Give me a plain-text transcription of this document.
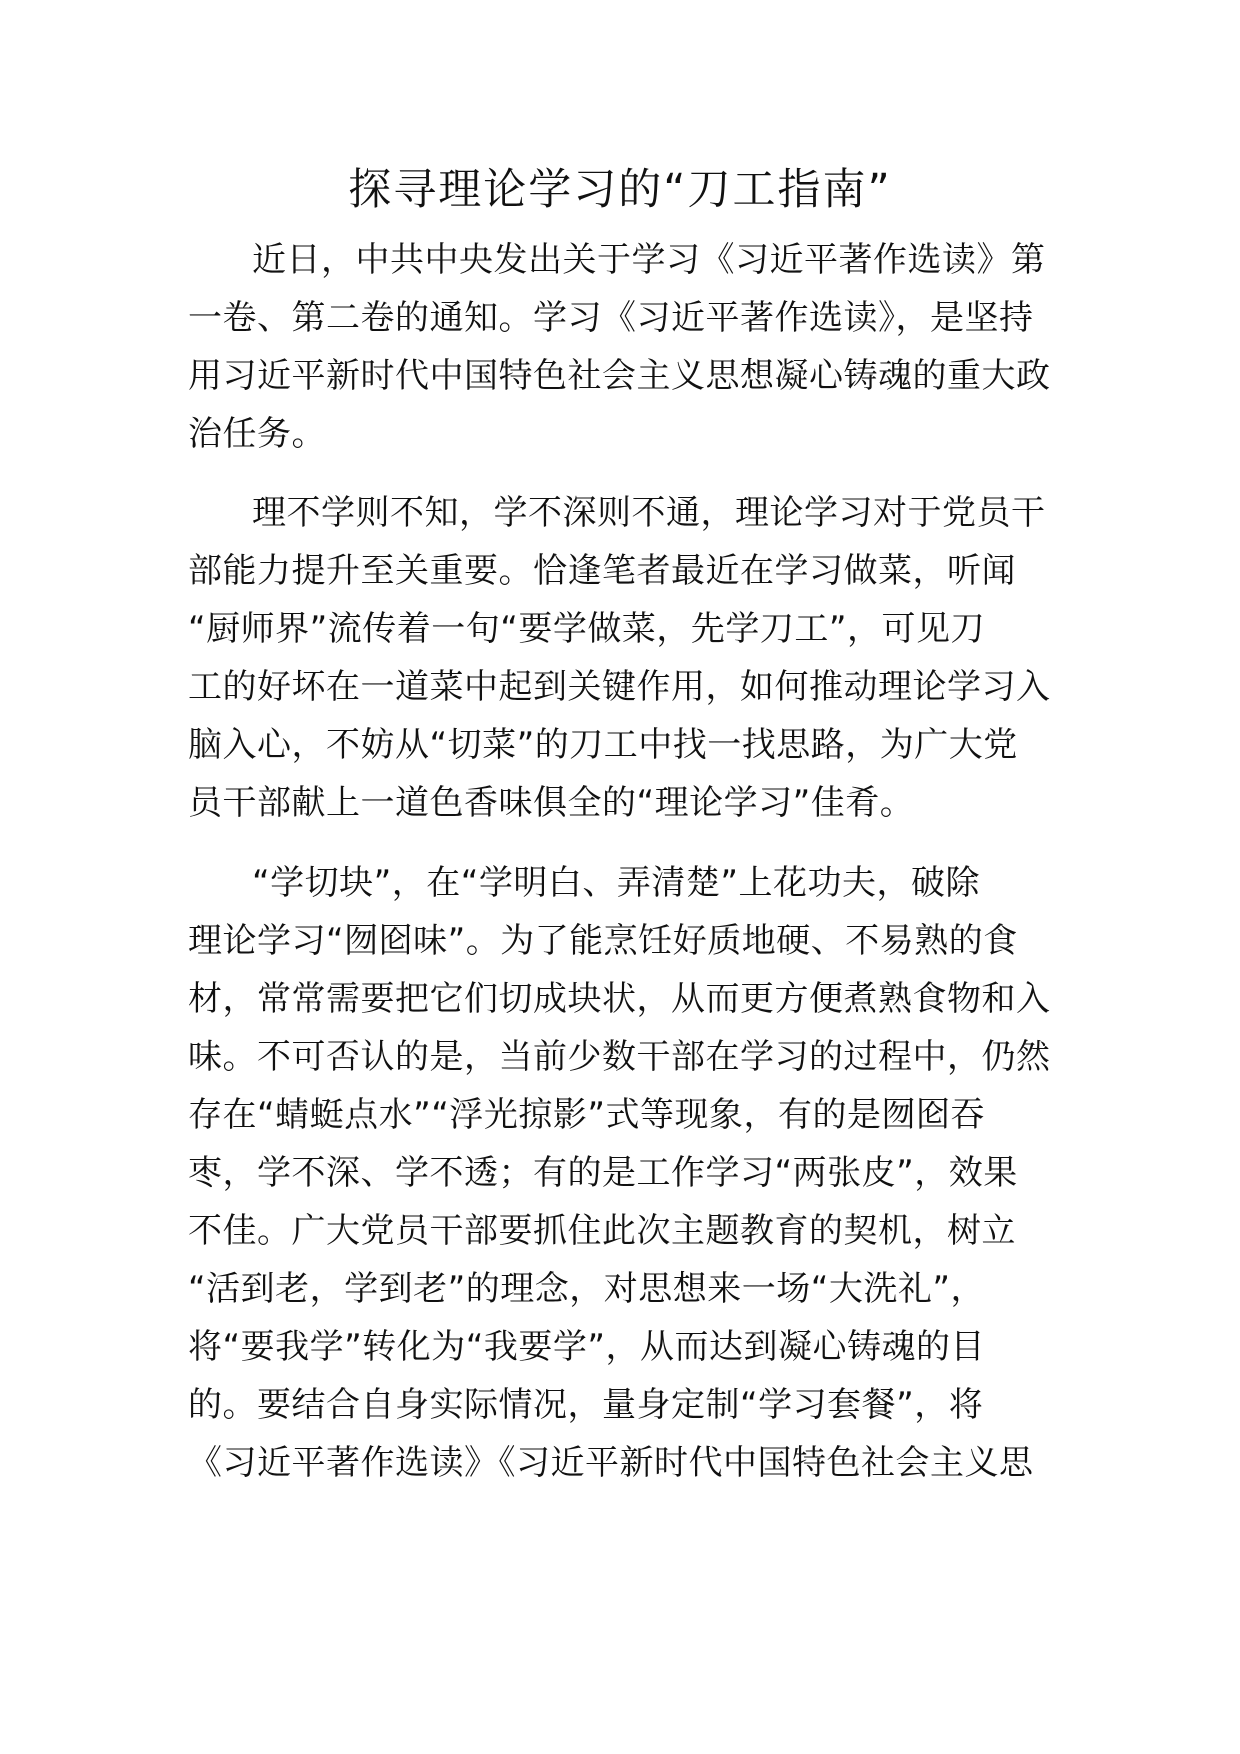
探寻理论学习的“刀工指南”
近日，中共中央发出关于学习《习近平著作选读》第
一卷、第二卷的通知。学习《习近平著作选读》，是坚持
用习近平新时代中国特色社会主义思想凝心铸魂的重大政
治任务。
理不学则不知，学不深则不通，理论学习对于党员干
部能力提升至关重要。恰逢笔者最近在学习做菜，听闻
“厨师界”流传着一句“要学做菜，先学刀工”，可见刀
工的好坏在一道菜中起到关键作用，如何推动理论学习入
脑入心，不妨从“切菜”的刀工中找一找思路，为广大党
员干部献上一道色香味俱全的“理论学习”佳肴。
“学切块”，在“学明白、弄清楚”上花功夫，破除
理论学习“囫囵味”。为了能烹饪好质地硬、不易熟的食
材，常常需要把它们切成块状，从而更方便煮熟食物和入
味。不可否认的是，当前少数干部在学习的过程中，仍然
存在“蜻蜓点水”“浮光掠影”式等现象，有的是囫囵吞
枣，学不深、学不透；有的是工作学习“两张皮”，效果
不佳。广大党员干部要抓住此次主题教育的契机，树立
“活到老，学到老”的理念，对思想来一场“大洗礼”，
将“要我学”转化为“我要学”，从而达到凝心铸魂的目
的。要结合自身实际情况，量身定制“学习套餐”，将
《习近平著作选读》《习近平新时代中国特色社会主义思
